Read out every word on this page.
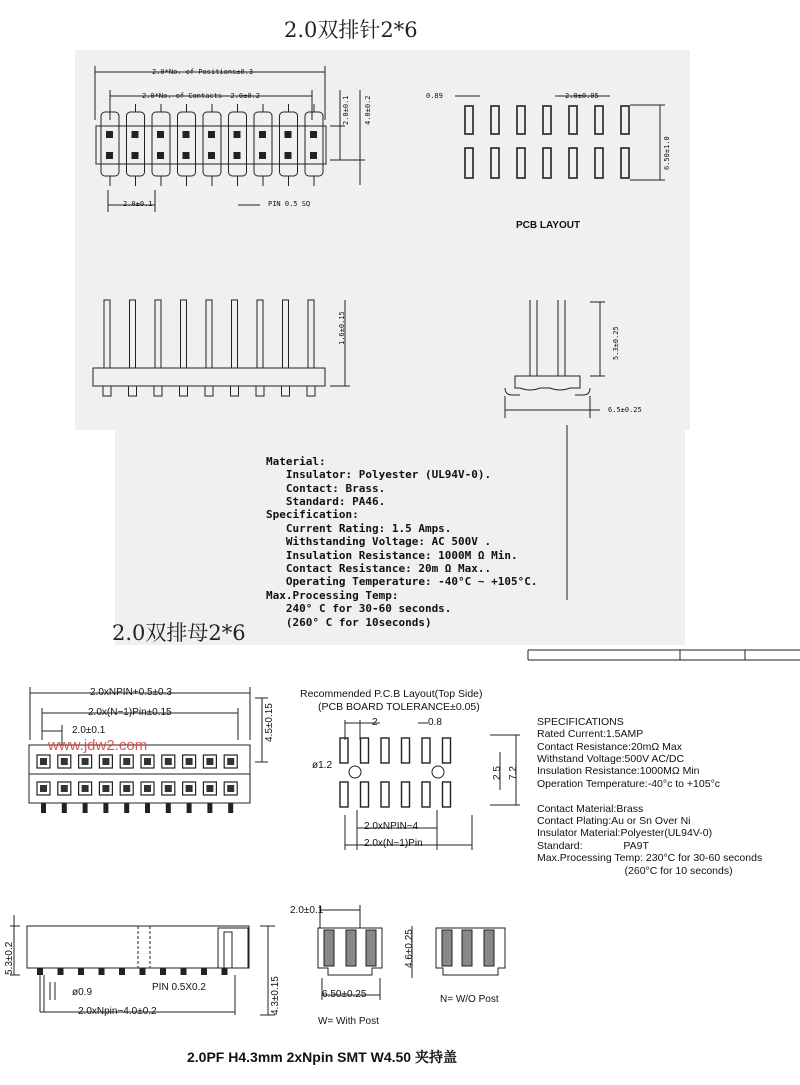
2.0双排针2*6
2.0*No. of Positions±0.3
2.0*No. of Contacts -2.0±0.2
2.0±0.1	PIN 0.5 SQ
2.0±0.1 4.0±0.2	0.89	2.0±0.05
6.50±1.0
PCB LAYOUT
1.6±0.15	5.3±0.25
6.5±0.25

Material:
Insulator: Polyester (UL94V-0).
Contact: Brass.
Standard: PA46.
Specification:
Current Rating: 1.5 Amps.
Withstanding Voltage: AC 500V .
Insulation Resistance: 1000M Ω Min.
Contact Resistance: 20m Ω Max..
Operating Temperature: -40°C ~ +105°C.
Max.Processing Temp:
240° C for 30-60 seconds.
(260° C for 10seconds)

2.0双排母2*6
2.0xNPIN+0.5±0.3
2.0x(N−1)Pin±0.15
2.0±0.1	4.5±0.15
www.jdw2.com
Recommended P.C.B Layout(Top Side)
(PCB BOARD TOLERANCE±0.05)
2	0.8
ø1.2
2.5 7.2
2.0xNPIN−4
2.0x(N−1)Pin

SPECIFICATIONS
Rated Current:1.5AMP
Contact Resistance:20mΩ Max
Withstand Voltage:500V AC/DC
Insulation Resistance:1000MΩ Min
Operation Temperature:-40°c to +105°c

Contact Material:Brass
Contact Plating:Au or Sn Over Ni
Insulator Material:Polyester(UL94V-0)
Standard:              PA9T
Max.Processing Temp: 230°C for 30-60 seconds
(260°C for 10 seconds)

5.3±0.2
PIN 0.5X0.2
ø0.9
2.0xNpin−4.0±0.2	4.3±0.15
2.0±0.1
4.6±0.25
6.50±0.25
W= With Post
N= W/O Post
2.0PF H4.3mm 2xNpin SMT W4.50 夹持盖
